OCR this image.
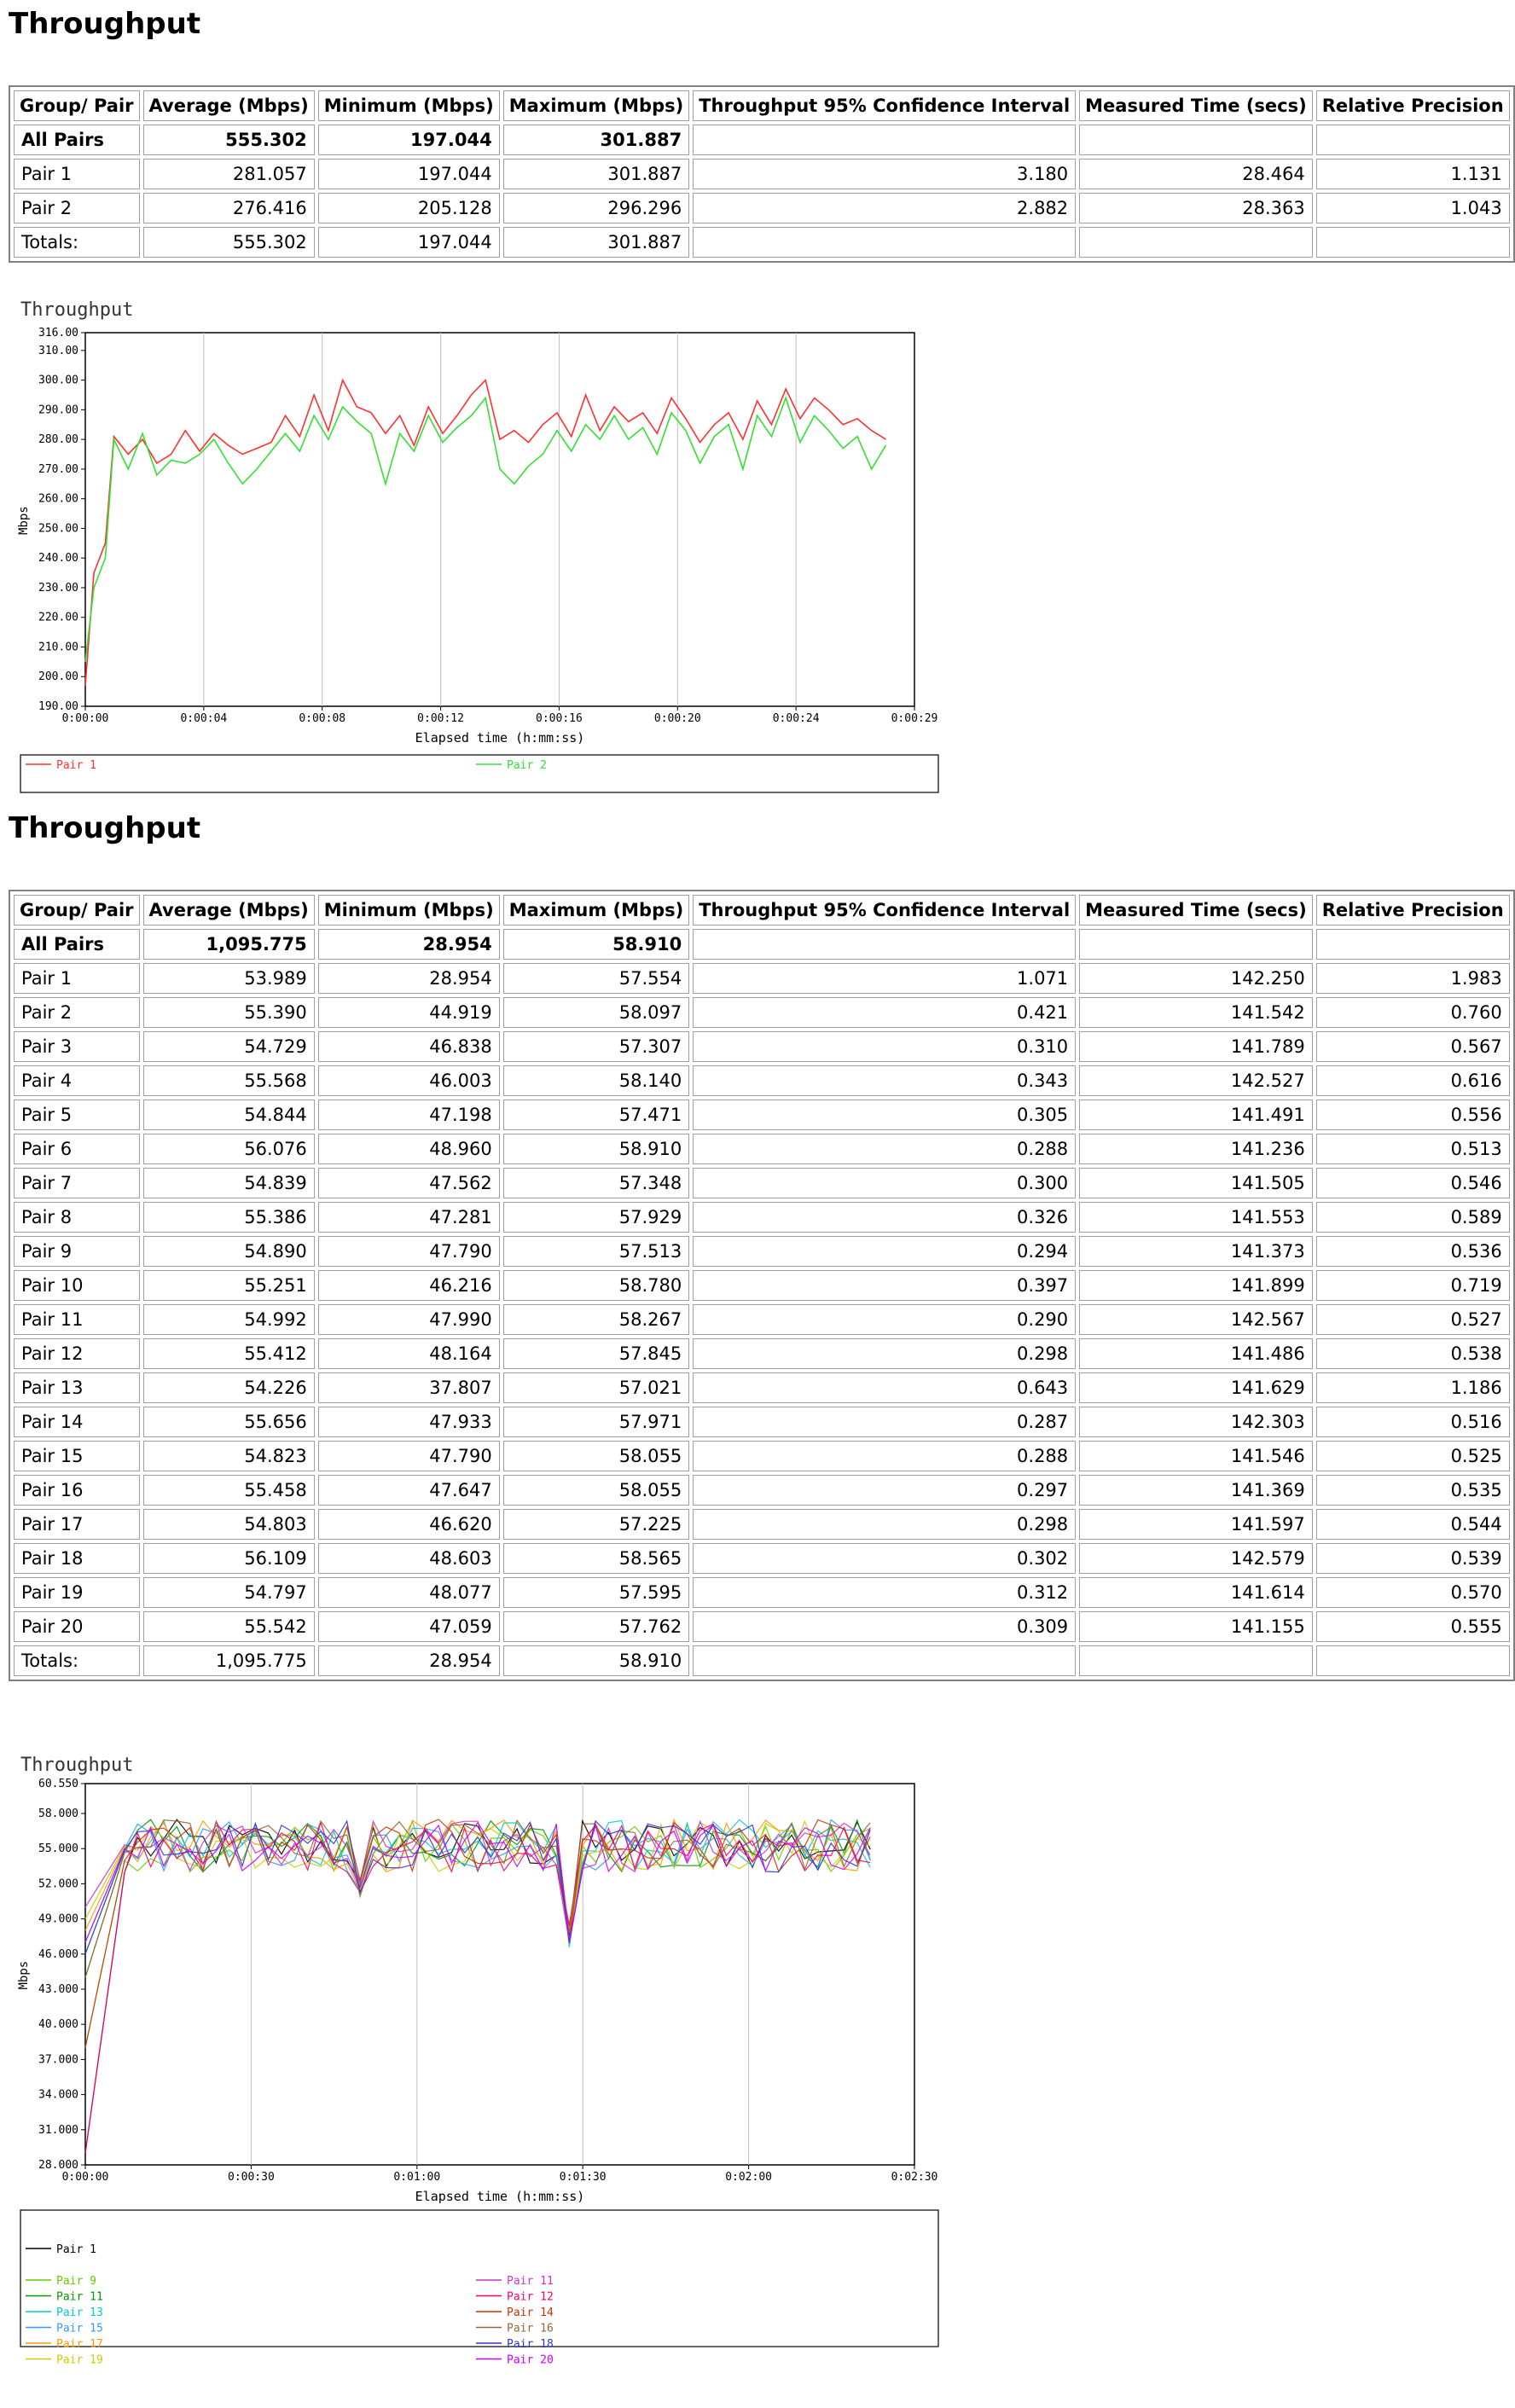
Throughput
Group/ Pair	Average (Mbps)	Minimum (Mbps)	Maximum (Mbps)	Throughput 95% Confidence Interval	Measured Time (secs)	Relative Precision
All Pairs	555.302	197.044	301.887			
Pair 1	281.057	197.044	301.887	3.180	28.464	1.131
Pair 2	276.416	205.128	296.296	2.882	28.363	1.043
Totals:	555.302	197.044	301.887			
Throughput
316.00
310.00
300.00
290.00
280.00
270.00
260.00
250.00
240.00
230.00
220.00
210.00
200.00
190.00
0:00:00	0:00:04	0:00:08	0:00:12	0:00:16	0:00:20	0:00:24	0:00:29
Elapsed time (h:mm:ss)
Mbps
Pair 1	Pair 2
Throughput
Group/ Pair	Average (Mbps)	Minimum (Mbps)	Maximum (Mbps)	Throughput 95% Confidence Interval	Measured Time (secs)	Relative Precision
All Pairs	1,095.775	28.954	58.910			
Pair 1	53.989	28.954	57.554	1.071	142.250	1.983
Pair 2	55.390	44.919	58.097	0.421	141.542	0.760
Pair 3	54.729	46.838	57.307	0.310	141.789	0.567
Pair 4	55.568	46.003	58.140	0.343	142.527	0.616
Pair 5	54.844	47.198	57.471	0.305	141.491	0.556
Pair 6	56.076	48.960	58.910	0.288	141.236	0.513
Pair 7	54.839	47.562	57.348	0.300	141.505	0.546
Pair 8	55.386	47.281	57.929	0.326	141.553	0.589
Pair 9	54.890	47.790	57.513	0.294	141.373	0.536
Pair 10	55.251	46.216	58.780	0.397	141.899	0.719
Pair 11	54.992	47.990	58.267	0.290	142.567	0.527
Pair 12	55.412	48.164	57.845	0.298	141.486	0.538
Pair 13	54.226	37.807	57.021	0.643	141.629	1.186
Pair 14	55.656	47.933	57.971	0.287	142.303	0.516
Pair 15	54.823	47.790	58.055	0.288	141.546	0.525
Pair 16	55.458	47.647	58.055	0.297	141.369	0.535
Pair 17	54.803	46.620	57.225	0.298	141.597	0.544
Pair 18	56.109	48.603	58.565	0.302	142.579	0.539
Pair 19	54.797	48.077	57.595	0.312	141.614	0.570
Pair 20	55.542	47.059	57.762	0.309	141.155	0.555
Totals:	1,095.775	28.954	58.910			
Throughput
60.550
58.000
55.000
52.000
49.000
46.000
43.000
40.000
37.000
34.000
31.000
28.000
0:00:00	0:00:30	0:01:00	0:01:30	0:02:00	0:02:30
Elapsed time (h:mm:ss)
Mbps
Pair 1
Pair 9
Pair 11
Pair 13
Pair 15
Pair 17
Pair 19
Pair 11
Pair 12
Pair 14
Pair 16
Pair 18
Pair 20
